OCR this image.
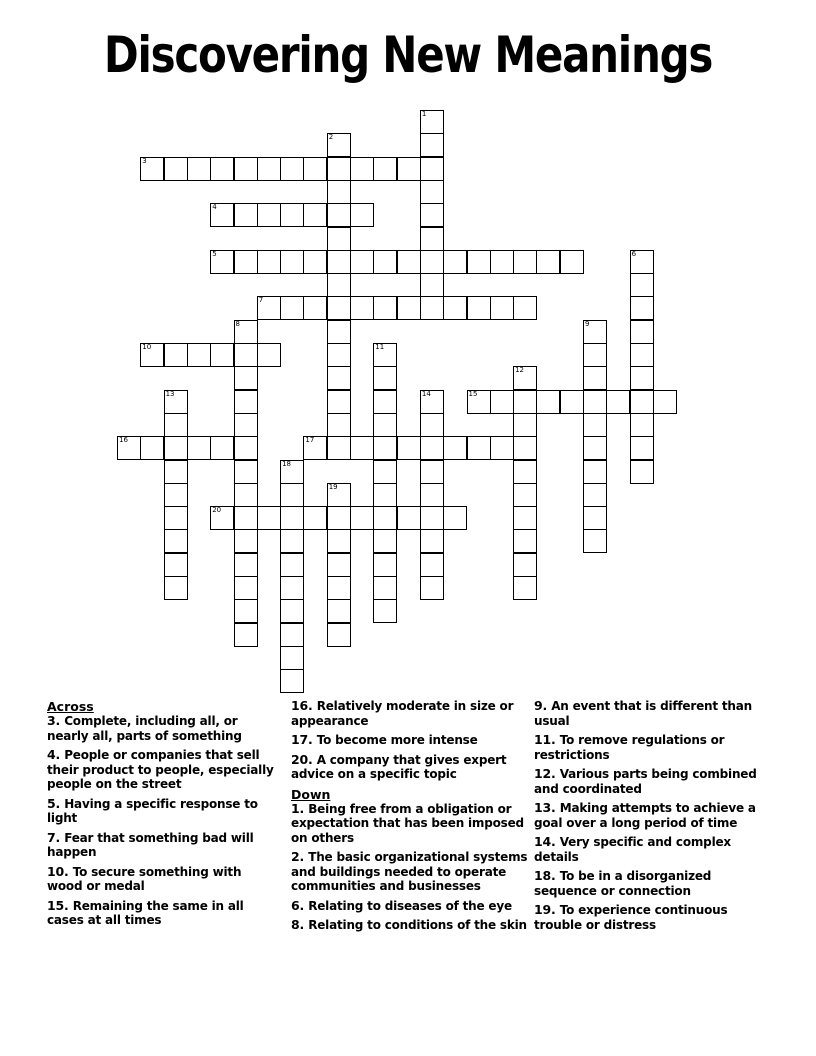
Discovering New Meanings
1
2
3
4
5	6
7
8	9
10	11
12
13	14	15
16	17
18
19
20
Across
3. Complete, including all, or nearly all, parts of something
4. People or companies that sell their product to people, especially people on the street
5. Having a specific response to light
7. Fear that something bad will happen
10. To secure something with wood or medal
15. Remaining the same in all cases at all times
16. Relatively moderate in size or appearance
17. To become more intense
20. A company that gives expert advice on a specific topic
Down
1. Being free from a obligation or expectation that has been imposed on others
2. The basic organizational systems and buildings needed to operate communities and businesses
6. Relating to diseases of the eye
8. Relating to conditions of the skin
9. An event that is different than usual
11. To remove regulations or restrictions
12. Various parts being combined and coordinated
13. Making attempts to achieve a goal over a long period of time
14. Very specific and complex details
18. To be in a disorganized sequence or connection
19. To experience continuous trouble or distress
